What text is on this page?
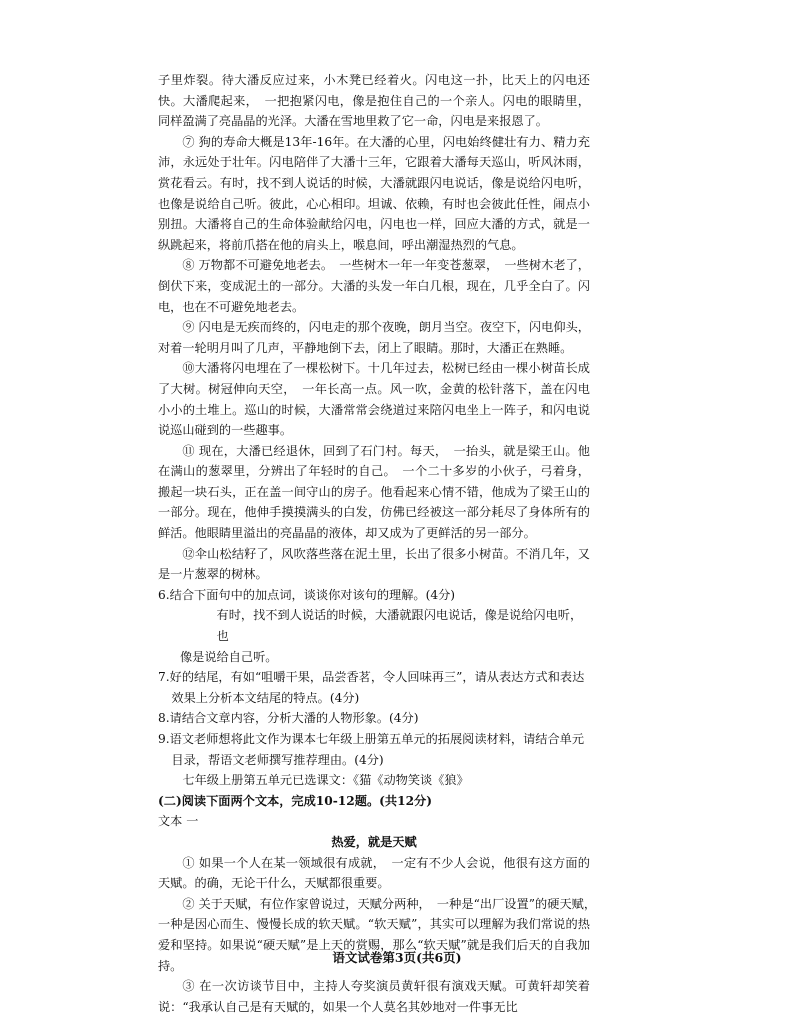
子里炸裂。待大潘反应过来，小木凳已经着火。闪电这一扑，比天上的闪电还快。大潘爬起来，　一把抱紧闪电，像是抱住自己的一个亲人。闪电的眼睛里，同样盈满了亮晶晶的光泽。大潘在雪地里救了它一命，闪电是来报恩了。

⑦ 狗的寿命大概是13年-16年。在大潘的心里，闪电始终健壮有力、精力充沛，永远处于壮年。闪电陪伴了大潘十三年，它跟着大潘每天巡山，听风沐雨，赏花看云。有时，找不到人说话的时候，大潘就跟闪电说话，像是说给闪电听，也像是说给自己听。彼此，心心相印。坦诚、依赖，有时也会彼此任性，闹点小别扭。大潘将自己的生命体验献给闪电，闪电也一样，回应大潘的方式，就是一纵跳起来，将前爪搭在他的肩头上，喉息间，呼出潮湿热烈的气息。

⑧ 万物都不可避免地老去。　一些树木一年一年变苍葱翠，　一些树木老了，倒伏下来，变成泥土的一部分。大潘的头发一年白几根，现在，几乎全白了。闪电，也在不可避免地老去。

⑨ 闪电是无疾而终的，闪电走的那个夜晚，朗月当空。夜空下，闪电仰头，对着一轮明月叫了几声，平静地倒下去，闭上了眼睛。那时，大潘正在熟睡。

⑩大潘将闪电埋在了一棵松树下。十几年过去，松树已经由一棵小树苗长成了大树。树冠伸向天空，　一年长高一点。风一吹，金黄的松针落下，盖在闪电小小的土堆上。巡山的时候，大潘常常会绕道过来陪闪电坐上一阵子，和闪电说说巡山碰到的一些趣事。

⑪ 现在，大潘已经退休，回到了石门村。每天，　一抬头，就是梁王山。他在满山的葱翠里，分辨出了年轻时的自己。　一个二十多岁的小伙子，弓着身，搬起一块石头，正在盖一间守山的房子。他看起来心情不错，他成为了梁王山的一部分。现在，他伸手摸摸满头的白发，仿佛已经被这一部分耗尽了身体所有的鲜活。他眼睛里溢出的亮晶晶的液体，却又成为了更鲜活的另一部分。

⑫伞山松结籽了，风吹落些落在泥土里，长出了很多小树苗。不消几年，又是一片葱翠的树林。

6.结合下面句中的加点词，谈谈你对该句的理解。(4分)

有时，找不到人说话的时候，大潘就跟闪电说话，像是说给闪电听，也

像是说给自己听。

7.好的结尾，有如“咀嚼干果，品尝香茗，令人回味再三”，请从表达方式和表达效果上分析本文结尾的特点。(4分)

8.请结合文章内容，分析大潘的人物形象。(4分)

9.语文老师想将此文作为课本七年级上册第五单元的拓展阅读材料，请结合单元目录，帮语文老师撰写推荐理由。(4分)

七年级上册第五单元已选课文：《猫《动物笑谈《狼》

(二)阅读下面两个文本，完成10-12题。(共12分)

文本 一

热爱，就是天赋

① 如果一个人在某一领域很有成就，　一定有不少人会说，他很有这方面的天赋。的确，无论干什么，天赋都很重要。

② 关于天赋，有位作家曾说过，天赋分两种，　一种是“出厂设置”的硬天赋，　一种是因心而生、慢慢长成的软天赋。“软天赋”，其实可以理解为我们常说的热爱和坚持。如果说“硬天赋”是上天的赏赐，那么“软天赋”就是我们后天的自我加持。

③ 在一次访谈节目中，主持人夸奖演员黄轩很有演戏天赋。可黄轩却笑着说：“我承认自己是有天赋的，如果一个人莫名其妙地对一件事无比

语文试卷第3页(共6页)
